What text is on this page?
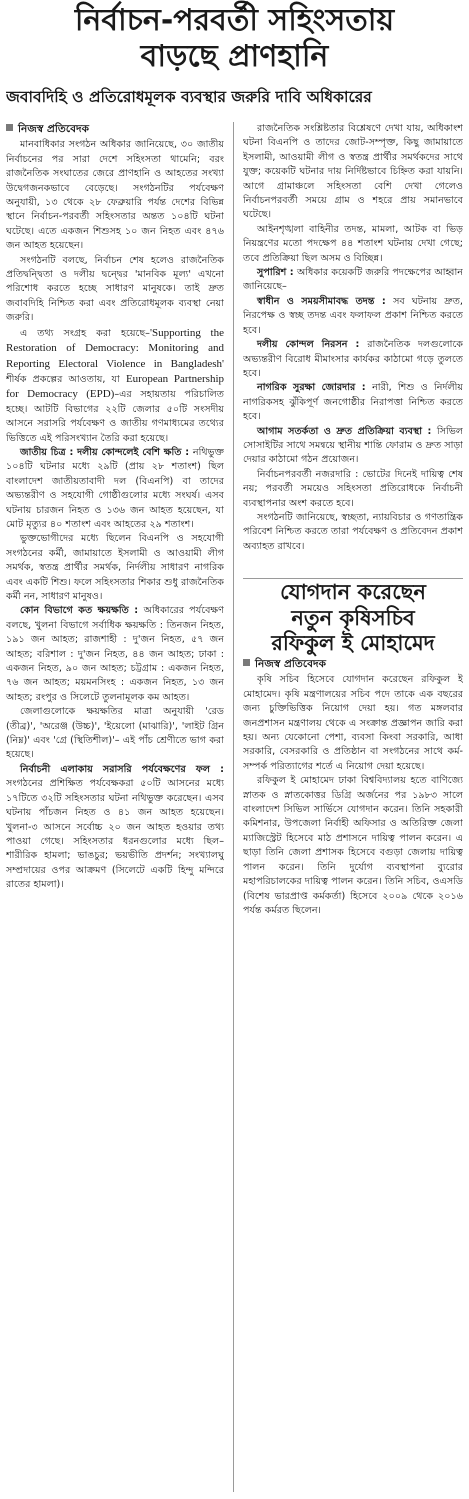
নির্বাচন-পরবর্তী সহিংসতায়
বাড়ছে প্রাণহানি
জবাবদিহি ও প্রতিরোধমূলক ব্যবস্থার জরুরি দাবি অধিকারের
নিজস্ব প্রতিবেদক

মানবাধিকার সংগঠন অধিকার জানিয়েছে, ৩০ জাতীয় নির্বাচনের পর সারা দেশে সহিংসতা থামেনি; বরং রাজনৈতিক সংঘাতের জেরে প্রাণহানি ও আহতের সংখ্যা উদ্বেগজনকভাবে বেড়েছে। সংগঠনটির পর্যবেক্ষণ অনুযায়ী, ১৩ থেকে ২৮ ফেব্রুয়ারি পর্যন্ত দেশের বিভিন্ন স্থানে নির্বাচন-পরবর্তী সহিংসতার অন্তত ১০৪টি ঘটনা ঘটেছে। এতে একজন শিশুসহ ১০ জন নিহত এবং ৪৭৬ জন আহত হয়েছেন।

সংগঠনটি বলছে, নির্বাচন শেষ হলেও রাজনৈতিক প্রতিদ্বন্দ্বিতা ও দলীয় দ্বন্দ্বের 'মানবিক মূল্য' এখনো পরিশোধ করতে হচ্ছে সাধারণ মানুষকে। তাই দ্রুত জবাবদিহি নিশ্চিত করা এবং প্রতিরোধমূলক ব্যবস্থা নেয়া জরুরি।

এ তথ্য সংগ্রহ করা হয়েছে–'Supporting the Restoration of Democracy: Monitoring and Reporting Electoral Violence in Bangladesh' শীর্ষক প্রকল্পের আওতায়, যা European Partnership for Democracy (EPD)–এর সহায়তায় পরিচালিত হচ্ছে। আটটি বিভাগের ২২টি জেলার ৫০টি সংসদীয় আসনে সরাসরি পর্যবেক্ষণ ও জাতীয় গণমাধ্যমের তথ্যের ভিত্তিতে এই পরিসংখ্যান তৈরি করা হয়েছে।

জাতীয় চিত্র : দলীয় কোন্দলেই বেশি ক্ষতি : নথিভুক্ত ১০৪টি ঘটনার মধ্যে ২৯টি (প্রায় ২৮ শতাংশ) ছিল বাংলাদেশ জাতীয়তাবাদী দল (বিএনপি) বা তাদের অভ্যন্তরীণ ও সহযোগী গোষ্ঠীগুলোর মধ্যে সংঘর্ষ। এসব ঘটনায় চারজন নিহত ও ১৩৬ জন আহত হয়েছেন, যা মোট মৃত্যুর ৪০ শতাংশ এবং আহতের ২৯ শতাংশ।

ভুক্তভোগীদের মধ্যে ছিলেন বিএনপি ও সহযোগী সংগঠনের কর্মী, জামায়াতে ইসলামী ও আওয়ামী লীগ সমর্থক, স্বতন্ত্র প্রার্থীর সমর্থক, নির্দলীয় সাধারণ নাগরিক এবং একটি শিশু। ফলে সহিংসতার শিকার শুধু রাজনৈতিক কর্মী নন, সাধারণ মানুষও।

কোন বিভাগে কত ক্ষয়ক্ষতি : অধিকারের পর্যবেক্ষণ বলছে, খুলনা বিভাগে সর্বাধিক ক্ষয়ক্ষতি : তিনজন নিহত, ১৯১ জন আহত; রাজশাহী : দু'জন নিহত, ৫৭ জন আহত; বরিশাল : দু'জন নিহত, ৪৪ জন আহত; ঢাকা : একজন নিহত, ৯০ জন আহত; চট্টগ্রাম : একজন নিহত, ৭৬ জন আহত; ময়মনসিংহ : একজন নিহত, ১৩ জন আহত; রংপুর ও সিলেটে তুলনামূলক কম আহত।

জেলাগুলোকে ক্ষয়ক্ষতির মাত্রা অনুযায়ী 'রেড (তীব্র)', 'অরেঞ্জ (উচ্চ)', 'ইয়েলো (মাঝারি)', 'লাইট গ্রিন (নিম্ন)' এবং 'গ্রে (স্থিতিশীল)'– এই পাঁচ শ্রেণীতে ভাগ করা হয়েছে।

নির্বাচনী এলাকায় সরাসরি পর্যবেক্ষণের ফল : সংগঠনের প্রশিক্ষিত পর্যবেক্ষকরা ৫০টি আসনের মধ্যে ১৭টিতে ৩২টি সহিংসতার ঘটনা নথিভুক্ত করেছেন। এসব ঘটনায় পাঁচজন নিহত ও ৪১ জন আহত হয়েছেন। খুলনা-৩ আসনে সর্বোচ্চ ২০ জন আহত হওয়ার তথ্য পাওয়া গেছে। সহিংসতার ধরনগুলোর মধ্যে ছিল– শারীরিক হামলা; ভাঙচুর; ভয়ভীতি প্রদর্শন; সংখ্যালঘু সম্প্রদায়ের ওপর আক্রমণ (সিলেটে একটি হিন্দু মন্দিরে রাতের হামলা)।

রাজনৈতিক সংশ্লিষ্টতার বিশ্লেষণে দেখা যায়, অধিকাংশ ঘটনা বিএনপি ও তাদের জোট-সম্পৃক্ত, কিছু জামায়াতে ইসলামী, আওয়ামী লীগ ও স্বতন্ত্র প্রার্থীর সমর্থকদের সাথে যুক্ত; কয়েকটি ঘটনার দায় নির্দিষ্টভাবে চিহ্নিত করা যায়নি। আগে গ্রামাঞ্চলে সহিংসতা বেশি দেখা গেলেও নির্বাচনপরবর্তী সময়ে গ্রাম ও শহরে প্রায় সমানভাবে ঘটেছে।

আইনশৃঙ্খলা বাহিনীর তদন্ত, মামলা, আটক বা ভিড় নিয়ন্ত্রণের মতো পদক্ষেপ ৪৪ শতাংশ ঘটনায় দেখা গেছে; তবে প্রতিক্রিয়া ছিল অসম ও বিচ্ছিন্ন।

সুপারিশ : অধিকার কয়েকটি জরুরি পদক্ষেপের আহ্বান জানিয়েছে–

স্বাধীন ও সময়সীমাবদ্ধ তদন্ত : সব ঘটনায় দ্রুত, নিরপেক্ষ ও স্বচ্ছ তদন্ত এবং ফলাফল প্রকাশ নিশ্চিত করতে হবে।

দলীয় কোন্দল নিরসন : রাজনৈতিক দলগুলোকে অভ্যন্তরীণ বিরোধ মীমাংসার কার্যকর কাঠামো গড়ে তুলতে হবে।

নাগরিক সুরক্ষা জোরদার : নারী, শিশু ও নির্দলীয় নাগরিকসহ ঝুঁকিপূর্ণ জনগোষ্ঠীর নিরাপত্তা নিশ্চিত করতে হবে।

আগাম সতর্কতা ও দ্রুত প্রতিক্রিয়া ব্যবস্থা : সিভিল সোসাইটির সাথে সমন্বয়ে স্থানীয় শান্তি ফোরাম ও দ্রুত সাড়া দেয়ার কাঠামো গঠন প্রয়োজন।

নির্বাচনপরবর্তী নজরদারি : ভোটের দিনেই দায়িত্ব শেষ নয়; পরবর্তী সময়েও সহিংসতা প্রতিরোধকে নির্বাচনী ব্যবস্থাপনার অংশ করতে হবে।

সংগঠনটি জানিয়েছে, স্বচ্ছতা, ন্যায়বিচার ও গণতান্ত্রিক পরিবেশ নিশ্চিত করতে তারা পর্যবেক্ষণ ও প্রতিবেদন প্রকাশ অব্যাহত রাখবে।

যোগদান করেছেন
নতুন কৃষিসচিব
রফিকুল ই মোহামেদ
নিজস্ব প্রতিবেদক

কৃষি সচিব হিসেবে যোগদান করেছেন রফিকুল ই মোহামেদ। কৃষি মন্ত্রণালয়ের সচিব পদে তাকে এক বছরের জন্য চুক্তিভিত্তিক নিয়োগ দেয়া হয়। গত মঙ্গলবার জনপ্রশাসন মন্ত্রণালয় থেকে এ সংক্রান্ত প্রজ্ঞাপন জারি করা হয়। অন্য যেকোনো পেশা, ব্যবসা কিংবা সরকারি, আধা সরকারি, বেসরকারি ও প্রতিষ্ঠান বা সংগঠনের সাথে কর্ম-সম্পর্ক পরিত্যাগের শর্তে এ নিয়োগ দেয়া হয়েছে।

রফিকুল ই মোহামেদ ঢাকা বিশ্ববিদ্যালয় হতে বাণিজ্যে স্নাতক ও স্নাতকোত্তর ডিগ্রি অর্জনের পর ১৯৮৩ সালে বাংলাদেশ সিভিল সার্ভিসে যোগদান করেন। তিনি সহকারী কমিশনার, উপজেলা নির্বাহী অফিসার ও অতিরিক্ত জেলা ম্যাজিস্ট্রেট হিসেবে মাঠ প্রশাসনে দায়িত্ব পালন করেন। এ ছাড়া তিনি জেলা প্রশাসক হিসেবে বগুড়া জেলায় দায়িত্ব পালন করেন। তিনি দুর্যোগ ব্যবস্থাপনা ব্যুরোর মহাপরিচালকের দায়িত্ব পালন করেন। তিনি সচিব, ওএসডি (বিশেষ ভারপ্রাপ্ত কর্মকর্তা) হিসেবে ২০০৯ থেকে ২০১৬ পর্যন্ত কর্মরত ছিলেন।
